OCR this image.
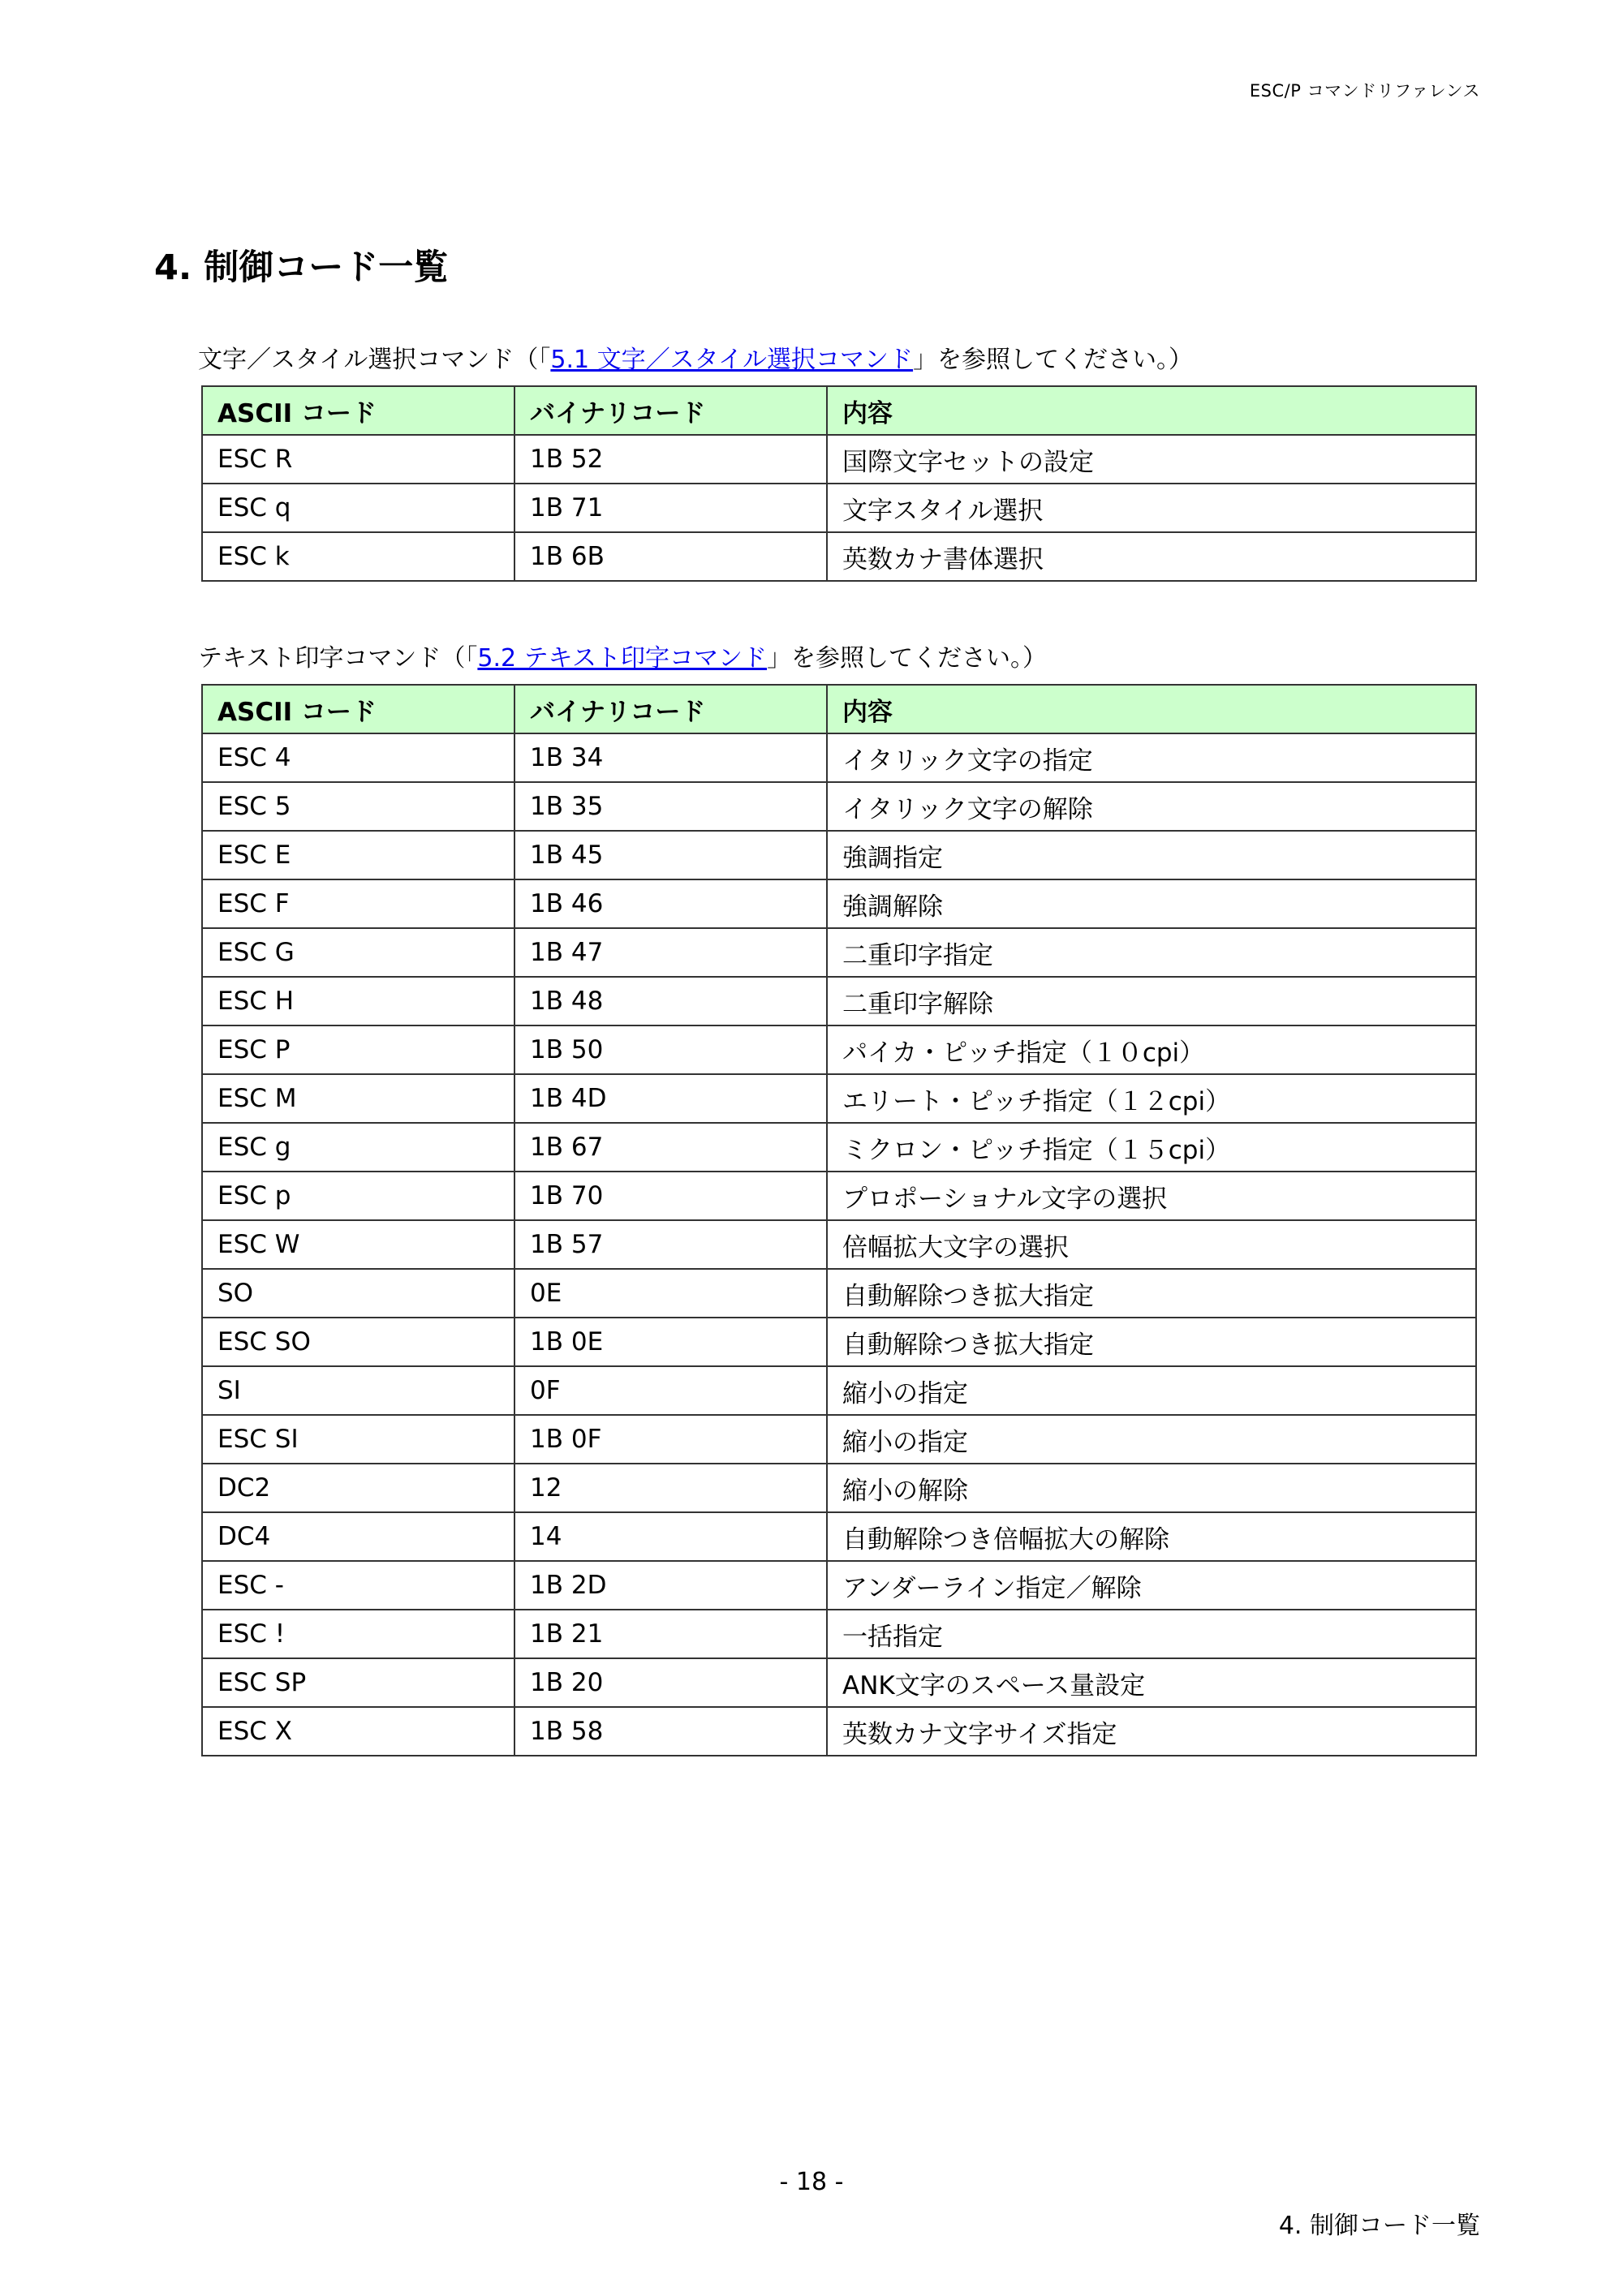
ESC/P コマンドリファレンス
4. 制御コード一覧
文字／スタイル選択コマンド（「5.1 文字／スタイル選択コマンド」を参照してください。）
ASCII コード	バイナリコード	内容
ESC R	1B 52	国際文字セットの設定
ESC q	1B 71	文字スタイル選択
ESC k	1B 6B	英数カナ書体選択
テキスト印字コマンド（「5.2 テキスト印字コマンド」を参照してください。）
ASCII コード	バイナリコード	内容
ESC 4	1B 34	イタリック文字の指定
ESC 5	1B 35	イタリック文字の解除
ESC E	1B 45	強調指定
ESC F	1B 46	強調解除
ESC G	1B 47	二重印字指定
ESC H	1B 48	二重印字解除
ESC P	1B 50	パイカ・ピッチ指定（１０cpi）
ESC M	1B 4D	エリート・ピッチ指定（１２cpi）
ESC g	1B 67	ミクロン・ピッチ指定（１５cpi）
ESC p	1B 70	プロポーショナル文字の選択
ESC W	1B 57	倍幅拡大文字の選択
SO	0E	自動解除つき拡大指定
ESC SO	1B 0E	自動解除つき拡大指定
SI	0F	縮小の指定
ESC SI	1B 0F	縮小の指定
DC2	12	縮小の解除
DC4	14	自動解除つき倍幅拡大の解除
ESC -	1B 2D	アンダーライン指定／解除
ESC !	1B 21	一括指定
ESC SP	1B 20	ANK文字のスペース量設定
ESC X	1B 58	英数カナ文字サイズ指定
- 18 -
4. 制御コード一覧
